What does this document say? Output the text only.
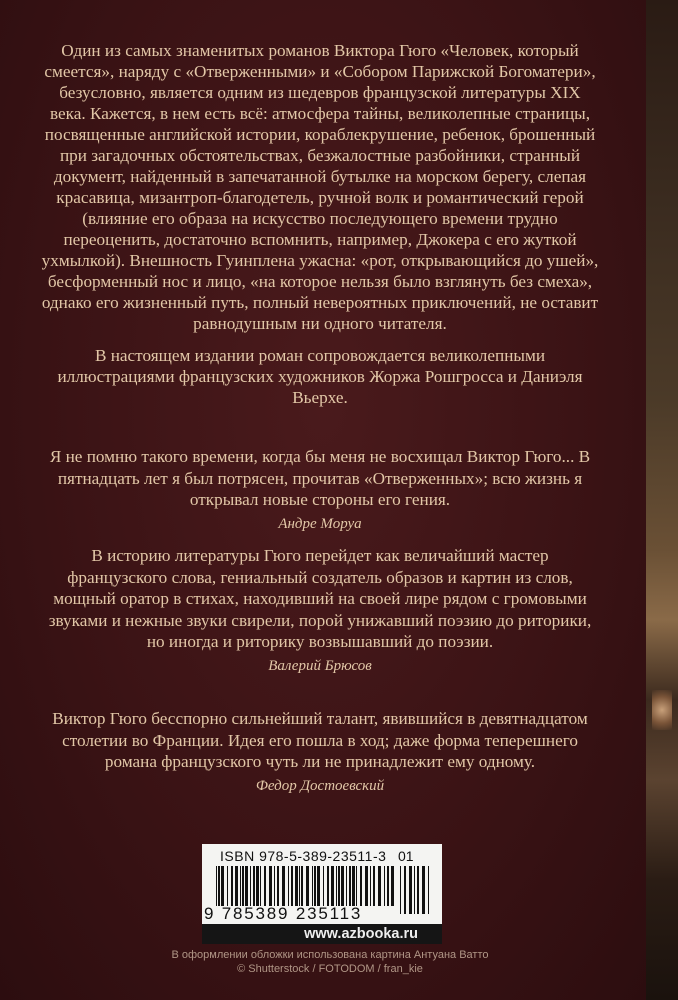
Один из самых знаменитых романов Виктора Гюго «Человек, который смеется», наряду с «Отверженными» и «Собором Парижской Богоматери», безусловно, является одним из шедевров французской литературы XIX века. Кажется, в нем есть всё: атмосфера тайны, великолепные страницы, посвященные английской истории, кораблекрушение, ребенок, брошенный при загадочных обстоятельствах, безжалостные разбойники, странный документ, найденный в запечатанной бутылке на морском берегу, слепая красавица, мизантроп-благодетель, ручной волк и романтический герой (влияние его образа на искусство последующего времени трудно переоценить, достаточно вспомнить, например, Джокера с его жуткой ухмылкой). Внешность Гуинплена ужасна: «рот, открывающийся до ушей», бесформенный нос и лицо, «на которое нельзя было взглянуть без смеха», однако его жизненный путь, полный невероятных приключений, не оставит равнодушным ни одного читателя.

В настоящем издании роман сопровождается великолепными иллюстрациями французских художников Жоржа Рошгросса и Даниэля Вьерхе.

Я не помню такого времени, когда бы меня не восхищал Виктор Гюго... В пятнадцать лет я был потрясен, прочитав «Отверженных»; всю жизнь я открывал новые стороны его гения.

Андре Моруа

В историю литературы Гюго перейдет как величайший мастер французского слова, гениальный создатель образов и картин из слов, мощный оратор в стихах, находивший на своей лире рядом с громовыми звуками и нежные звуки свирели, порой унижавший поэзию до риторики, но иногда и риторику возвышавший до поэзии.

Валерий Брюсов

Виктор Гюго бесспорно сильнейший талант, явившийся в девятнадцатом столетии во Франции. Идея его пошла в ход; даже форма теперешнего романа французского чуть ли не принадлежит ему одному.

Федор Достоевский
ISBN 978-5-389-23511-3 01
9 785389 235113
www.azbooka.ru
В оформлении обложки использована картина Антуана Ватто
© Shutterstock / FOTODOM / fran_kie
